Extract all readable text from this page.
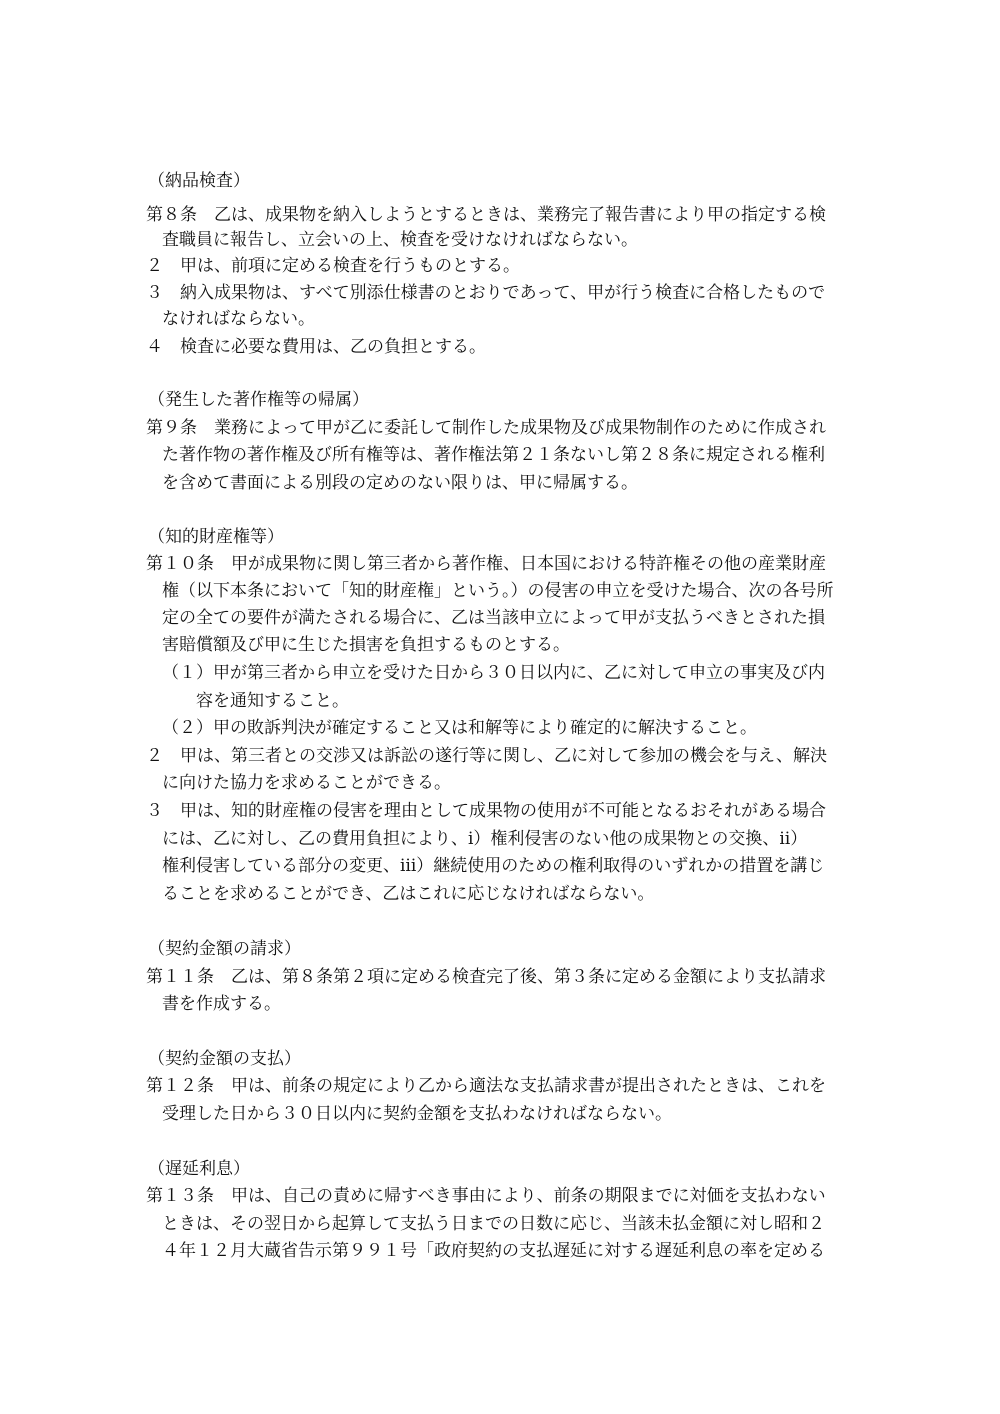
（納品検査）
第８条　乙は、成果物を納入しようとするときは、業務完了報告書により甲の指定する検
査職員に報告し、立会いの上、検査を受けなければならない。
２　甲は、前項に定める検査を行うものとする。
３　納入成果物は、すべて別添仕様書のとおりであって、甲が行う検査に合格したもので
なければならない。
４　検査に必要な費用は、乙の負担とする。
（発生した著作権等の帰属）
第９条　業務によって甲が乙に委託して制作した成果物及び成果物制作のために作成され
た著作物の著作権及び所有権等は、著作権法第２１条ないし第２８条に規定される権利
を含めて書面による別段の定めのない限りは、甲に帰属する。
（知的財産権等）
第１０条　甲が成果物に関し第三者から著作権、日本国における特許権その他の産業財産
権（以下本条において「知的財産権」という。）の侵害の申立を受けた場合、次の各号所
定の全ての要件が満たされる場合に、乙は当該申立によって甲が支払うべきとされた損
害賠償額及び甲に生じた損害を負担するものとする。
（１）甲が第三者から申立を受けた日から３０日以内に、乙に対して申立の事実及び内
容を通知すること。
（２）甲の敗訴判決が確定すること又は和解等により確定的に解決すること。
２　甲は、第三者との交渉又は訴訟の遂行等に関し、乙に対して参加の機会を与え、解決
に向けた協力を求めることができる。
３　甲は、知的財産権の侵害を理由として成果物の使用が不可能となるおそれがある場合
には、乙に対し、乙の費用負担により、ⅰ）権利侵害のない他の成果物との交換、ⅱ）
権利侵害している部分の変更、ⅲ）継続使用のための権利取得のいずれかの措置を講じ
ることを求めることができ、乙はこれに応じなければならない。
（契約金額の請求）
第１１条　乙は、第８条第２項に定める検査完了後、第３条に定める金額により支払請求
書を作成する。
（契約金額の支払）
第１２条　甲は、前条の規定により乙から適法な支払請求書が提出されたときは、これを
受理した日から３０日以内に契約金額を支払わなければならない。
（遅延利息）
第１３条　甲は、自己の責めに帰すべき事由により、前条の期限までに対価を支払わない
ときは、その翌日から起算して支払う日までの日数に応じ、当該未払金額に対し昭和２
４年１２月大蔵省告示第９９１号「政府契約の支払遅延に対する遅延利息の率を定める
